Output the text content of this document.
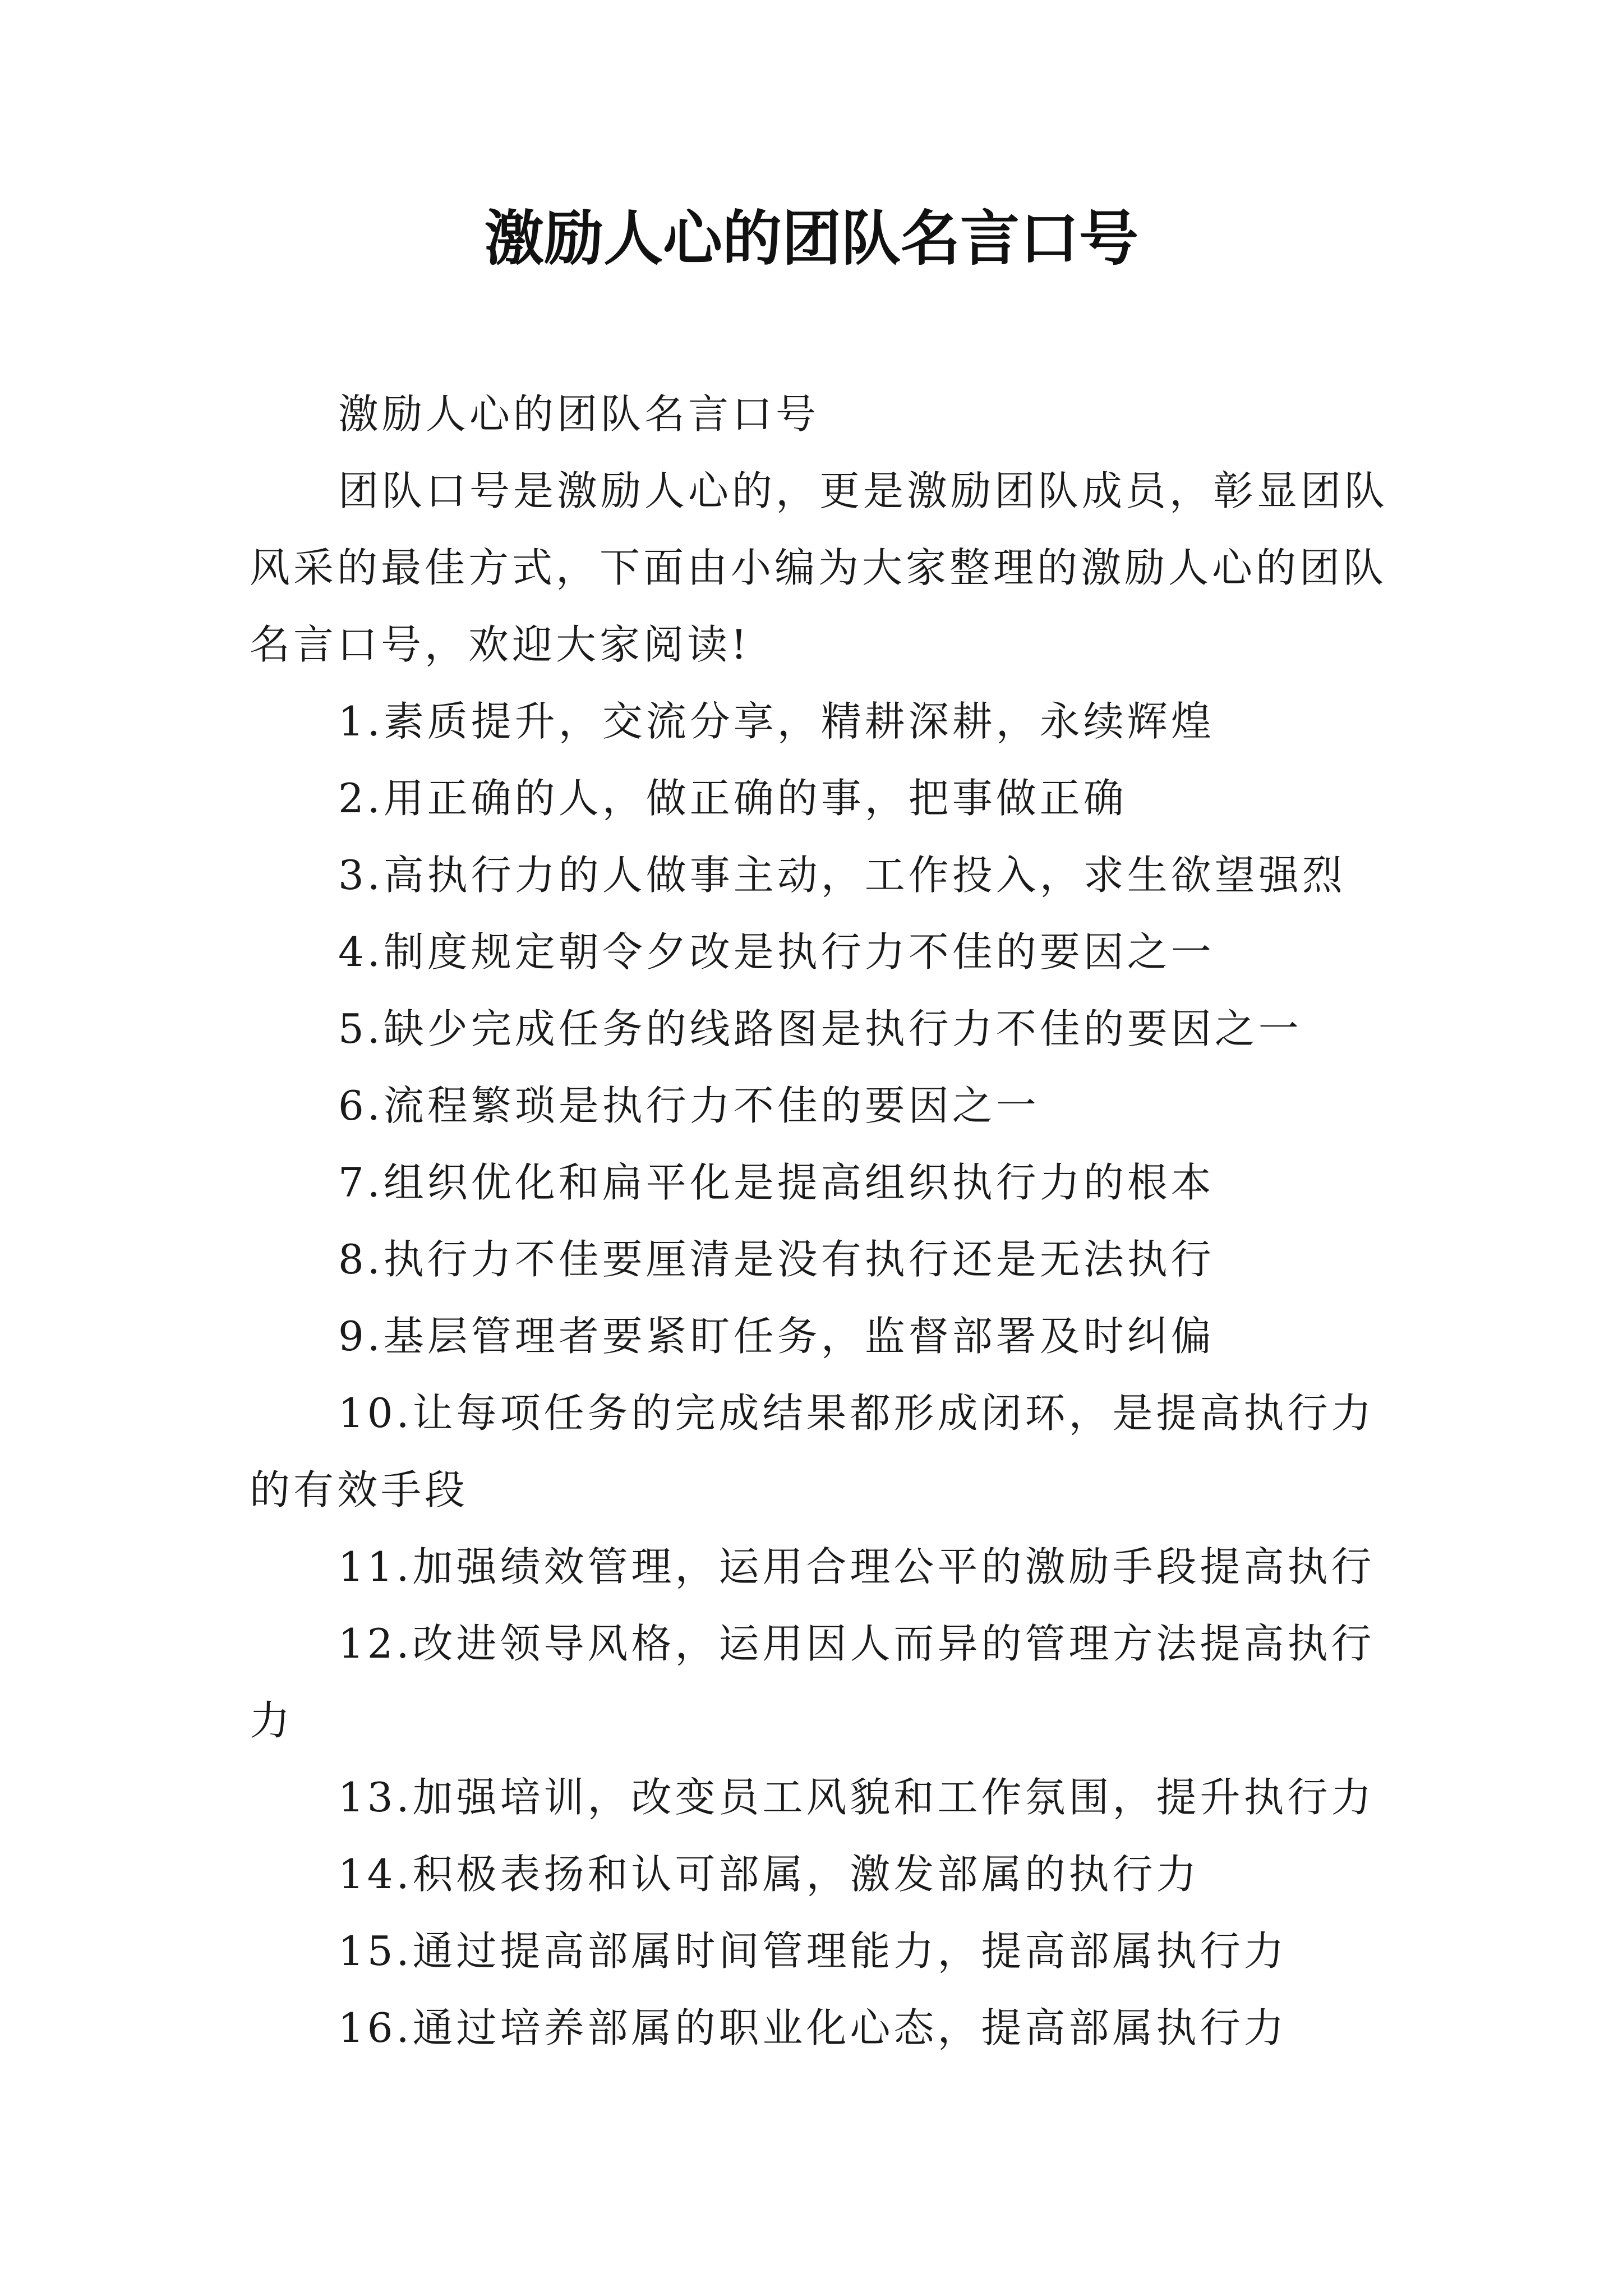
激励人心的团队名言口号

激励人心的团队名言口号

团队口号是激励人心的，更是激励团队成员，彰显团队风采的最佳方式，下面由小编为大家整理的激励人心的团队名言口号，欢迎大家阅读!

1.素质提升，交流分享，精耕深耕，永续辉煌

2.用正确的人，做正确的事，把事做正确

3.高执行力的人做事主动，工作投入，求生欲望强烈

4.制度规定朝令夕改是执行力不佳的要因之一

5.缺少完成任务的线路图是执行力不佳的要因之一

6.流程繁琐是执行力不佳的要因之一

7.组织优化和扁平化是提高组织执行力的根本

8.执行力不佳要厘清是没有执行还是无法执行

9.基层管理者要紧盯任务，监督部署及时纠偏

10.让每项任务的完成结果都形成闭环，是提高执行力的有效手段

11.加强绩效管理，运用合理公平的激励手段提高执行

12.改进领导风格，运用因人而异的管理方法提高执行力

13.加强培训，改变员工风貌和工作氛围，提升执行力

14.积极表扬和认可部属，激发部属的执行力

15.通过提高部属时间管理能力，提高部属执行力

16.通过培养部属的职业化心态，提高部属执行力
